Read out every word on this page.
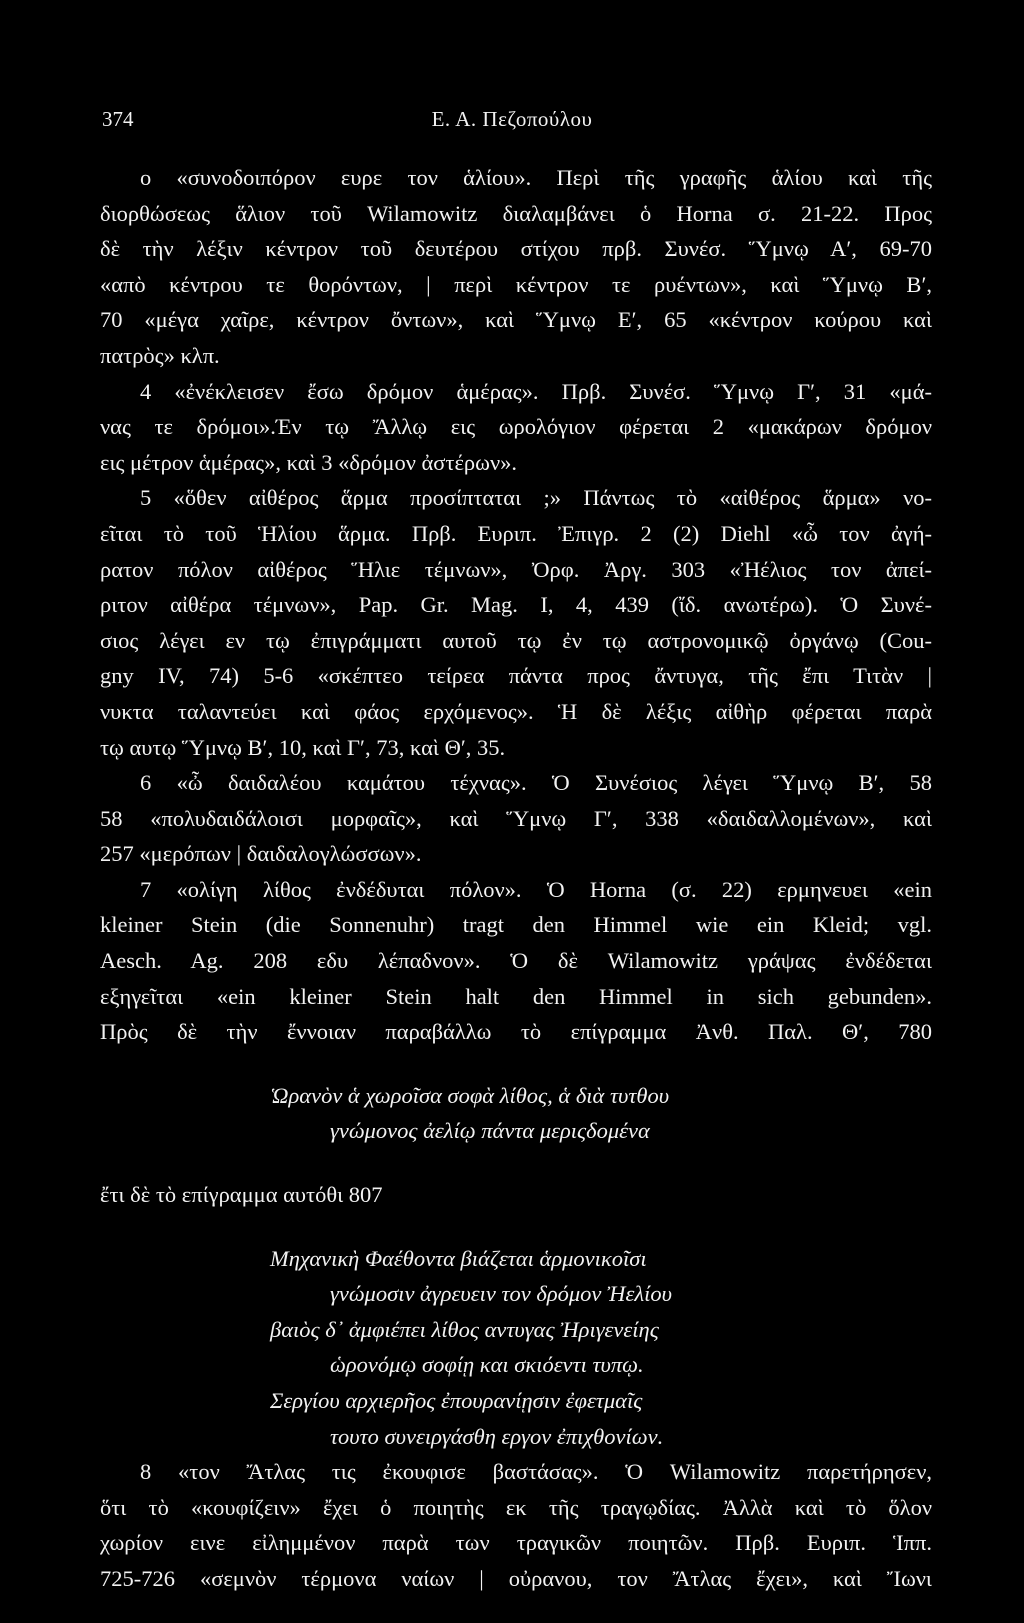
374	Ε. Α. Πεζοπούλου
ο «συνοδοιπόρον ευρε τον ἁλίου». Περὶ τῆς γραφῆς ἁλίου καὶ τῆς
διορθώσεως ἅλιον τοῦ Wilamowitz διαλαμβάνει ὁ Horna σ. 21-22. Προς
δὲ τὴν λέξιν κέντρον τοῦ δευτέρου στίχου πρβ. Συνέσ. Ὕμνῳ Α′, 69-70
«απὸ κέντρου τε θορόντων, | περὶ κέντρον τε ρυέντων», καὶ Ὕμνῳ Β′,
70 «μέγα χαῖρε, κέντρον ὄντων», καὶ Ὕμνῳ Ε′, 65 «κέντρον κούρου καὶ
πατρὸς» κλπ.
4 «ἐνέκλεισεν ἔσω δρόμον ἁμέρας». Πρβ. Συνέσ. Ὕμνῳ Γ′, 31 «μά-
νας τε δρόμοι».Έν τῳ Ἄλλῳ εις ωρολόγιον φέρεται 2 «μακάρων δρόμον
εις μέτρον ἁμέρας», καὶ 3 «δρόμον ἀστέρων».
5 «ὅθεν αἰθέρος ἅρμα προσίπταται ;» Πάντως τὸ «αἰθέρος ἅρμα» νο-
εῖται τὸ τοῦ Ἡλίου ἅρμα. Πρβ. Ευριπ. Ἐπιγρ. 2 (2) Diehl «ὦ τον ἀγή-
ρατον πόλον αἰθέρος Ἥλιε τέμνων», Ὀρφ. Ἀργ. 303 «Ἠέλιος τον ἀπεί-
ριτον αἰθέρα τέμνων», Pap. Gr. Mag. I, 4, 439 (ἴδ. ανωτέρω). Ὁ Συνέ-
σιος λέγει εν τῳ ἐπιγράμματι αυτοῦ τῳ ἐν τῳ αστρονομικῷ ὀργάνῳ (Cou-
gny IV, 74) 5-6 «σκέπτεο τείρεα πάντα προς ἄντυγα, τῆς ἔπι Τιτὰν |
νυκτα ταλαντεύει καὶ φάος ερχόμενος». Ἡ δὲ λέξις αἰθὴρ φέρεται παρὰ
τῳ αυτῳ Ὕμνῳ Β′, 10, καὶ Γ′, 73, καὶ Θ′, 35.
6 «ὦ δαιδαλέου καμάτου τέχνας». Ὁ Συνέσιος λέγει Ὕμνῳ Β′, 58
58 «πολυδαιδάλοισι μορφαῖς», καὶ Ὕμνῳ Γ′, 338 «δαιδαλλομένων», καὶ
257 «μερόπων | δαιδαλογλώσσων».
7 «ολίγη λίθος ἐνδέδυται πόλον». Ὁ Horna (σ. 22) ερμηνευει «ein
kleiner Stein (die Sonnenuhr) tragt den Himmel wie ein Kleid; vgl.
Aesch. Ag. 208 εδυ λέπαδνον». Ὁ δὲ Wilamowitz γράψας ἐνδέδεται
εξηγεῖται «ein kleiner Stein halt den Himmel in sich gebunden».
Πρὸς δὲ τὴν ἔννοιαν παραβάλλω τὸ επίγραμμα Ἀνθ. Παλ. Θ′, 780
Ὡρανὸν ἁ χωροῖσα σοφὰ λίθος, ἁ διὰ τυτθου
γνώμονος ἀελίῳ πάντα μεριςδομένα
ἔτι δὲ τὸ επίγραμμα αυτόθι 807
Μηχανικὴ Φαέθοντα βιάζεται ἁρμονικοῖσι
γνώμοσιν ἀγρευειν τον δρόμον Ἠελίου
βαιὸς δ᾽ ἀμφιέπει λίθος αντυγας Ἠριγενείης
ὡρονόμῳ σοφίῃ και σκιόεντι τυπῳ.
Σεργίου αρχιερῆος ἐπουρανίῃσιν ἐφετμαῖς
τουτο συνειργάσθη εργον ἐπιχθονίων.
8 «τον Ἄτλας τις ἐκουφισε βαστάσας». Ὁ Wilamowitz παρετήρησεν,
ὅτι τὸ «κουφίζειν» ἔχει ὁ ποιητὴς εκ τῆς τραγῳδίας. Ἀλλὰ καὶ τὸ ὅλον
χωρίον εινε εἰλημμένον παρὰ των τραγικῶν ποιητῶν. Πρβ. Ευριπ. Ἱππ.
725-726 «σεμνὸν τέρμονα ναίων | οὐρανου, τον Ἄτλας ἔχει», καὶ Ἴωνι
